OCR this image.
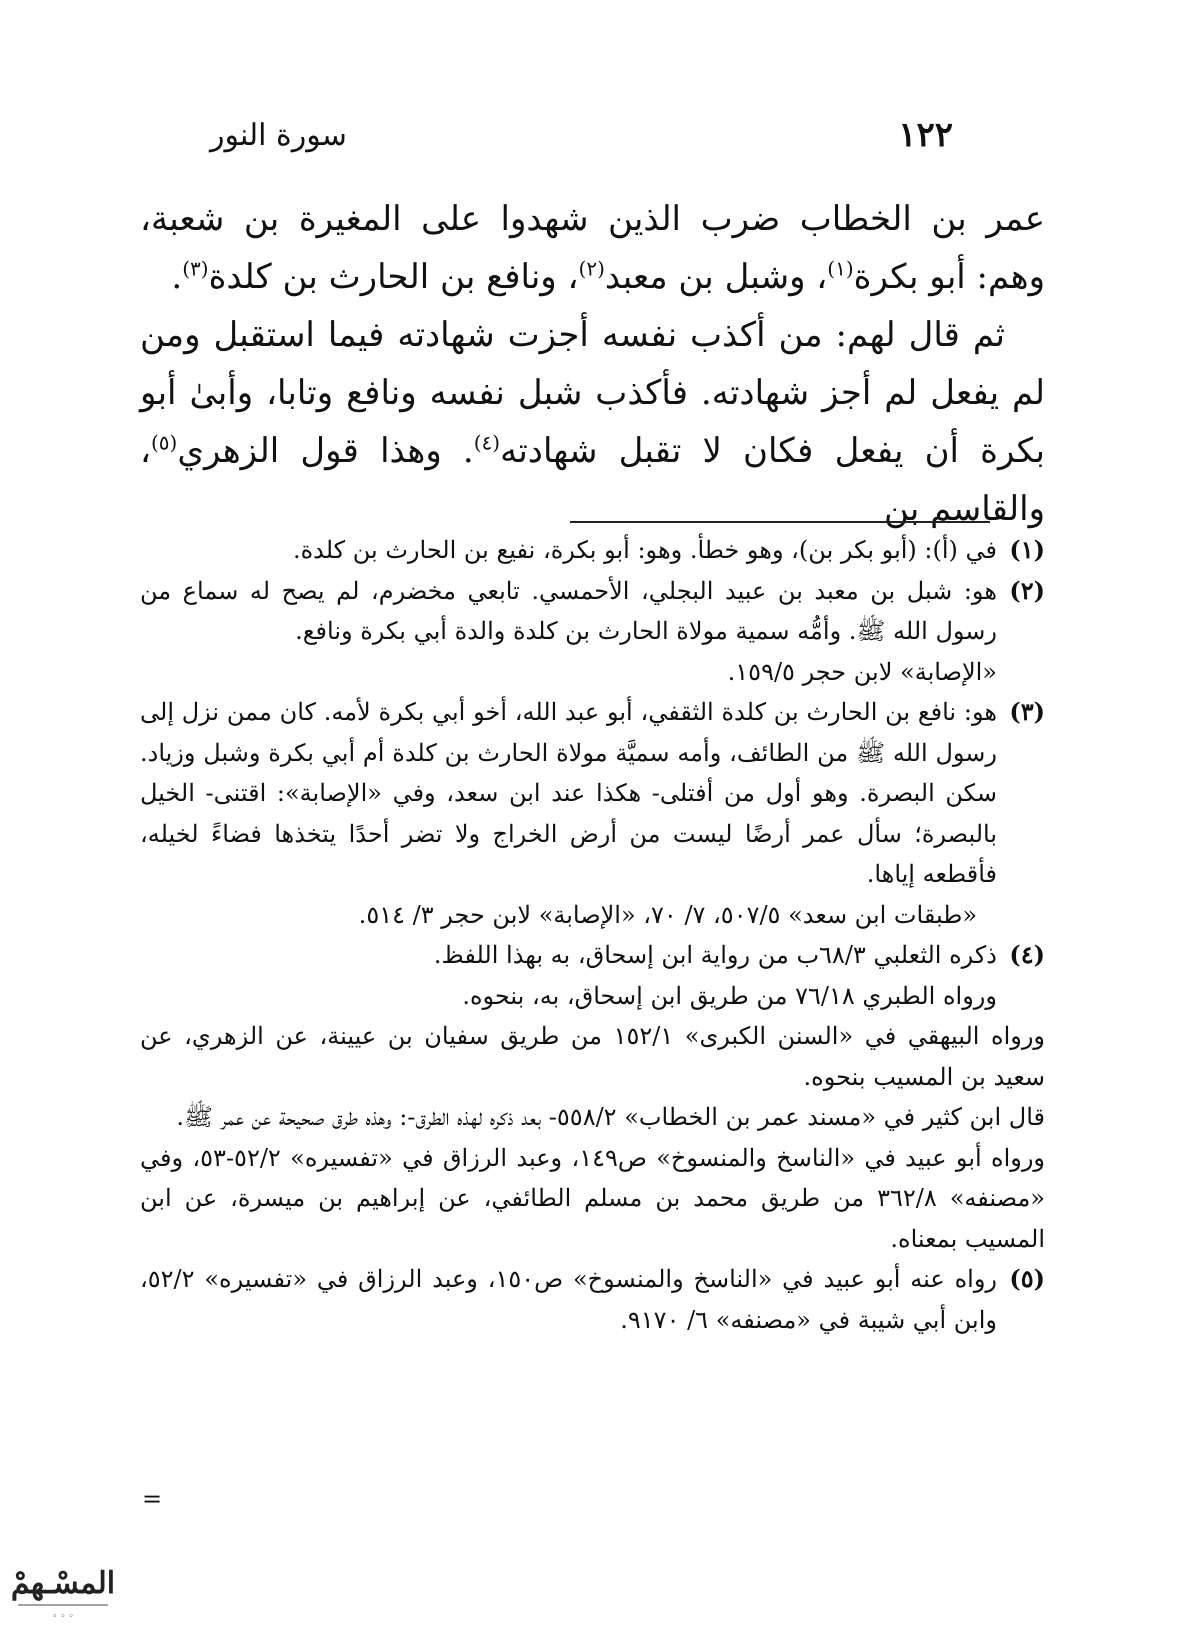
١٢٢
سورة النور

عمر بن الخطاب ضرب الذين شهدوا على المغيرة بن شعبة، وهم: أبو بكرة$^{(١)}$، وشبل بن معبد$^{(٢)}$، ونافع بن الحارث بن كلدة$^{(٣)}$.

ثم قال لهم: من أكذب نفسه أجزت شهادته فيما استقبل ومن لم يفعل لم أجز شهادته. فأكذب شبل نفسه ونافع وتابا، وأبىٰ أبو بكرة أن يفعل فكان لا تقبل شهادته$^{(٤)}$. وهذا قول الزهري$^{(٥)}$، والقاسم بن

(١)

في (أ): (أبو بكر بن)، وهو خطأ. وهو: أبو بكرة، نفيع بن الحارث بن كلدة.

(٢)

هو: شبل بن معبد بن عبيد البجلي، الأحمسي. تابعي مخضرم، لم يصح له سماع من رسول الله ﷺ. وأمُّه سمية مولاة الحارث بن كلدة والدة أبي بكرة ونافع.

«الإصابة» لابن حجر ١٥٩/٥.

(٣)

هو: نافع بن الحارث بن كلدة الثقفي، أبو عبد الله، أخو أبي بكرة لأمه. كان ممن نزل إلى رسول الله ﷺ من الطائف، وأمه سميَّة مولاة الحارث بن كلدة أم أبي بكرة وشبل وزياد. سكن البصرة. وهو أول من أفتلى- هكذا عند ابن سعد، وفي «الإصابة»: اقتنى- الخيل بالبصرة؛ سأل عمر أرضًا ليست من أرض الخراج ولا تضر أحدًا يتخذها فضاءً لخيله، فأقطعه إياها.

«طبقات ابن سعد» ٥٠٧/٥، ٧/ ٧٠، «الإصابة» لابن حجر ٣/ ٥١٤.

(٤)

ذكره الثعلبي ٦٨/٣ب من رواية ابن إسحاق، به بهذا اللفظ.

ورواه الطبري ٧٦/١٨ من طريق ابن إسحاق، به، بنحوه.

ورواه البيهقي في «السنن الكبرى» ١٥٢/١ من طريق سفيان بن عيينة، عن الزهري، عن سعيد بن المسيب بنحوه.

قال ابن كثير في «مسند عمر بن الخطاب» ٥٥٨/٢- بعد ذكره لهذه الطرق-: وهذه طرق صحيحة عن عمر ﷺ.

ورواه أبو عبيد في «الناسخ والمنسوخ» ص١٤٩، وعبد الرزاق في «تفسيره» ٥٢/٢-٥٣، وفي «مصنفه» ٣٦٢/٨ من طريق محمد بن مسلم الطائفي، عن إبراهيم بن ميسرة، عن ابن المسيب بمعناه.

(٥)

رواه عنه أبو عبيد في «الناسخ والمنسوخ» ص١٥٠، وعبد الرزاق في «تفسيره» ٥٢/٢، وابن أبي شيبة في «مصنفه» ٦/ ٩١٧٠.

=
المسْـهمْ
◦ ◦ ◦
